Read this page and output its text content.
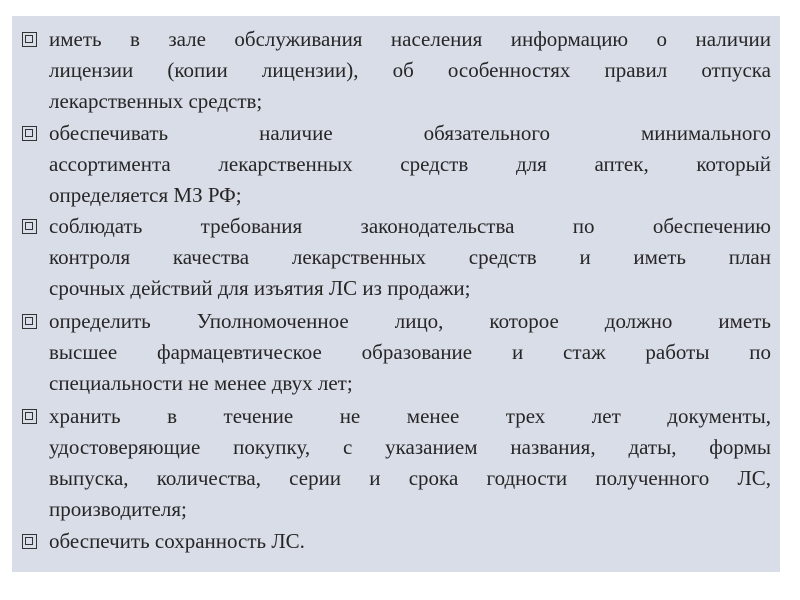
иметь в зале обслуживания населения информацию о наличии
лицензии (копии лицензии), об особенностях правил отпуска
лекарственных средств;

обеспечивать наличие обязательного минимального
ассортимента лекарственных средств для аптек, который
определяется МЗ РФ;

соблюдать требования законодательства по обеспечению
контроля качества лекарственных средств и иметь план
срочных действий для изъятия ЛС из продажи;

определить Уполномоченное лицо, которое должно иметь
высшее фармацевтическое образование и стаж работы по
специальности не менее двух лет;

хранить в течение не менее трех лет документы,
удостоверяющие покупку, с указанием названия, даты, формы
выпуска, количества, серии и срока годности полученного ЛС,
производителя;

обеспечить сохранность ЛС.
